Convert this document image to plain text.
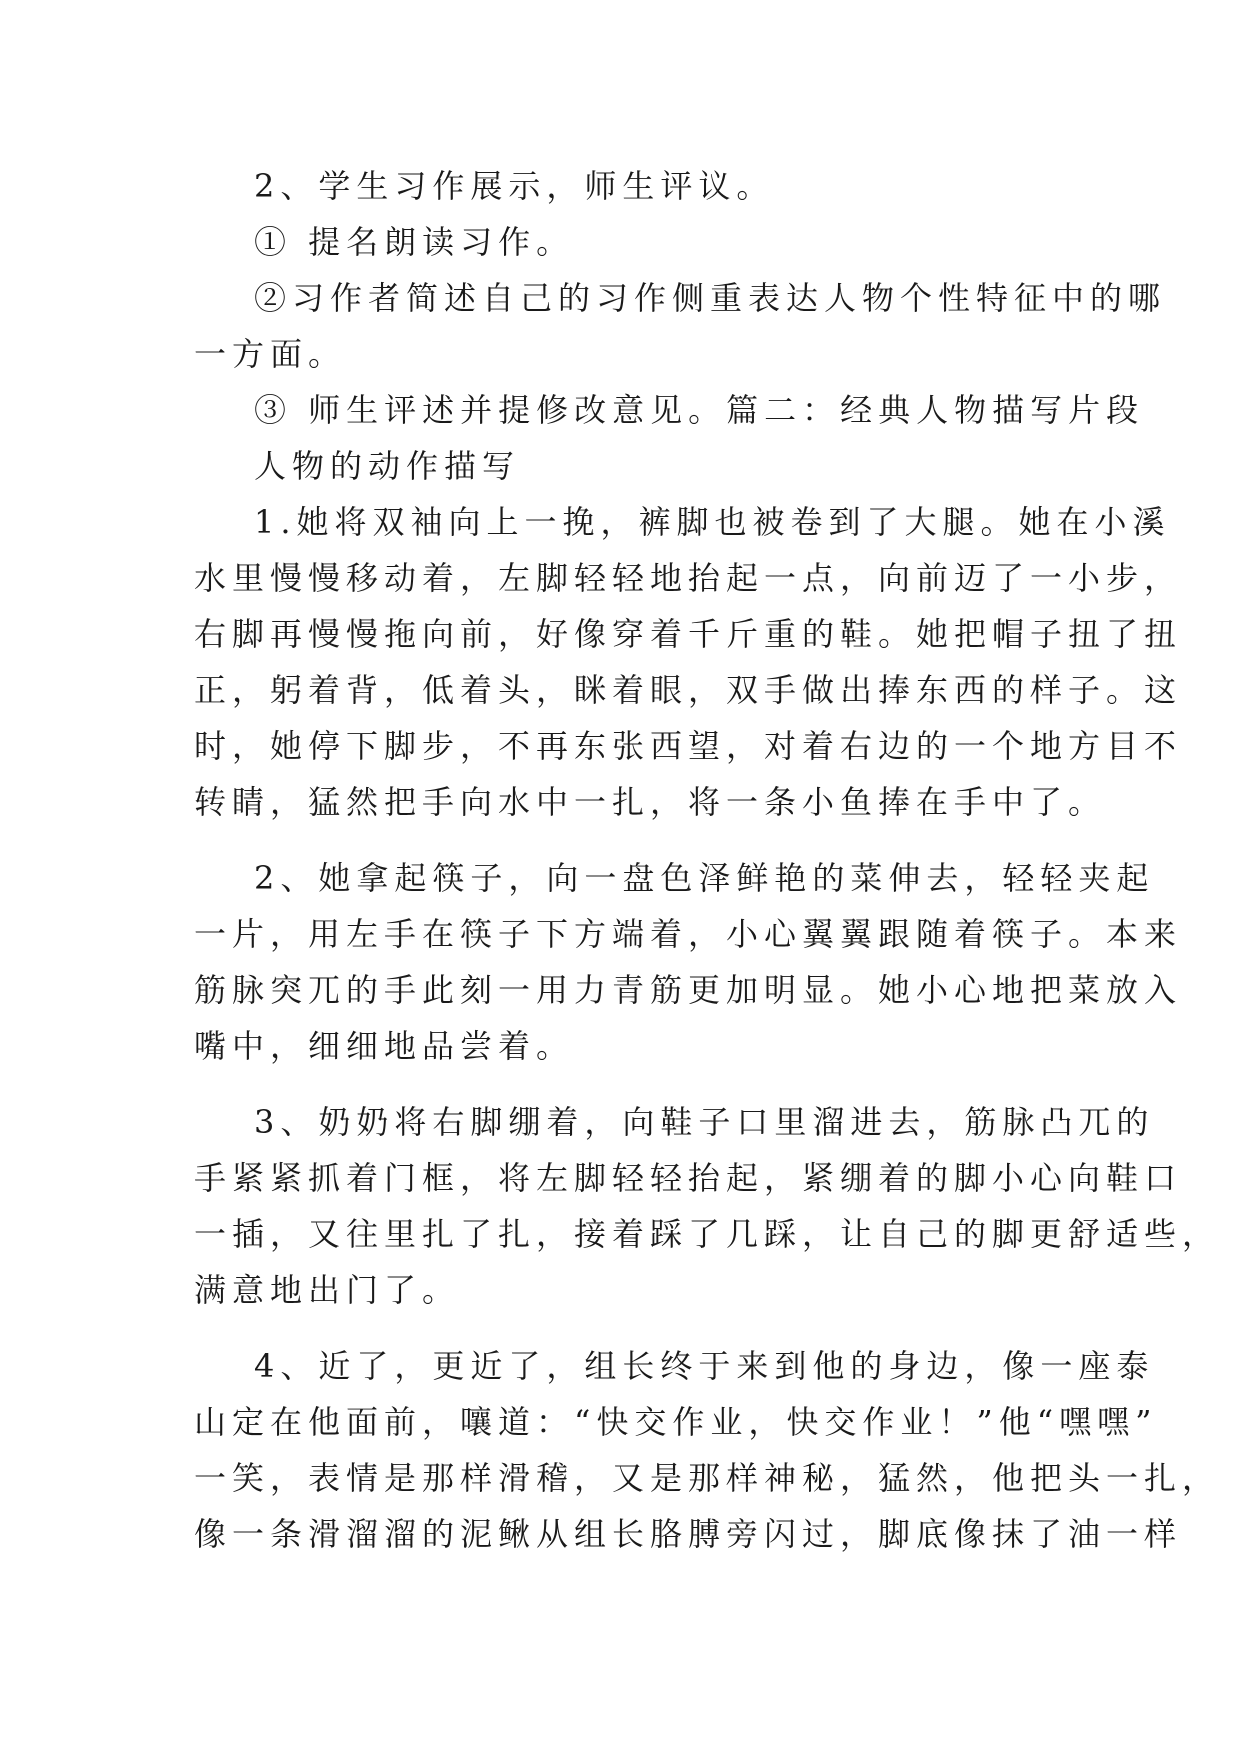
2、学生习作展示，师生评议。
① 提名朗读习作。
②习作者简述自己的习作侧重表达人物个性特征中的哪
一方面。
③ 师生评述并提修改意见。篇二：经典人物描写片段
人物的动作描写
1.她将双袖向上一挽，裤脚也被卷到了大腿。她在小溪
水里慢慢移动着，左脚轻轻地抬起一点，向前迈了一小步，
右脚再慢慢拖向前，好像穿着千斤重的鞋。她把帽子扭了扭
正，躬着背，低着头，眯着眼，双手做出捧东西的样子。这
时，她停下脚步，不再东张西望，对着右边的一个地方目不
转睛，猛然把手向水中一扎，将一条小鱼捧在手中了。
2、她拿起筷子，向一盘色泽鲜艳的菜伸去，轻轻夹起
一片，用左手在筷子下方端着，小心翼翼跟随着筷子。本来
筋脉突兀的手此刻一用力青筋更加明显。她小心地把菜放入
嘴中，细细地品尝着。
3、奶奶将右脚绷着，向鞋子口里溜进去，筋脉凸兀的
手紧紧抓着门框，将左脚轻轻抬起，紧绷着的脚小心向鞋口
一插，又往里扎了扎，接着踩了几踩，让自己的脚更舒适些，
满意地出门了。
4、近了，更近了，组长终于来到他的身边，像一座泰
山定在他面前，嚷道：“快交作业，快交作业！”他“嘿嘿”
一笑，表情是那样滑稽，又是那样神秘，猛然，他把头一扎，
像一条滑溜溜的泥鳅从组长胳膊旁闪过，脚底像抹了油一样
